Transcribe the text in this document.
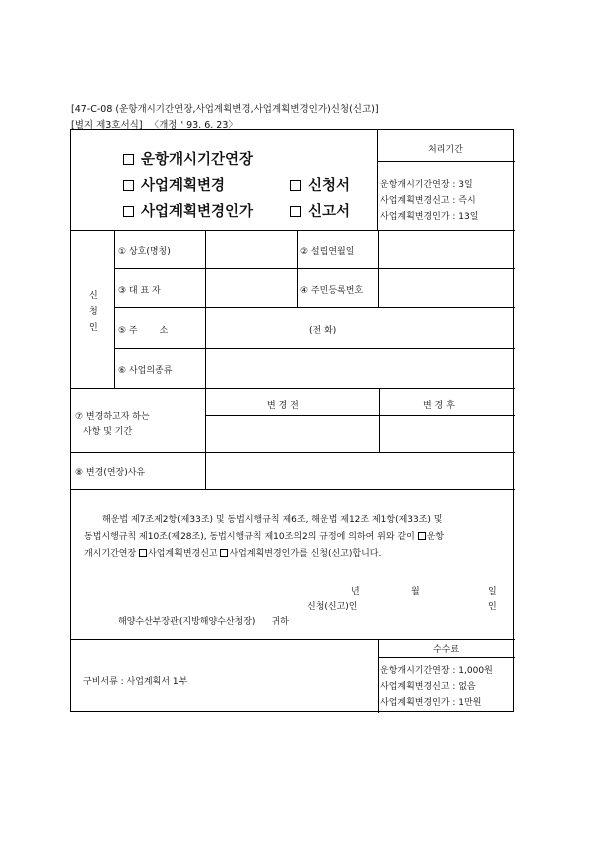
[47-C-08 (운항개시기간연장,사업계획변경,사업계획변경인가)신청(신고)]
[별지 제3호서식] 〈개정 ' 93. 6. 23〉
운항개시기간연장
사업계획변경
사업계획변경인가
신청서
신고서
처리기간
운항개시기간연장 : 3일
사업계획변경신고 : 즉시
사업계획변경인가 : 13일
신
청
인
① 상호(명칭)	② 설립연월일
③ 대 표 자	④ 주민등록번호
⑤ 주 소	(전 화)
⑥ 사업의종류
⑦ 변경하고자 하는
사항 및 기간
변 경 전	변 경 후
⑧ 변경(연장)사유
해운법 제7조제2항(제33조) 및 동법시행규칙 제6조, 해운법 제12조 제1항(제33조) 및
동법시행규칙 제10조(제28조), 동법시행규칙 제10조의2의 규정에 의하여 위와 같이 운항
개시기간연장 사업계획변경신고 사업계획변경인가를 신청(신고)합니다.
년	월	일
신청(신고)인	인
해양수산부장관(지방해양수산청장) 귀하
구비서류 : 사업계획서 1부
수수료
운항개시기간연장 : 1,000원
사업계획변경신고 : 없음
사업계획변경인가 : 1만원
